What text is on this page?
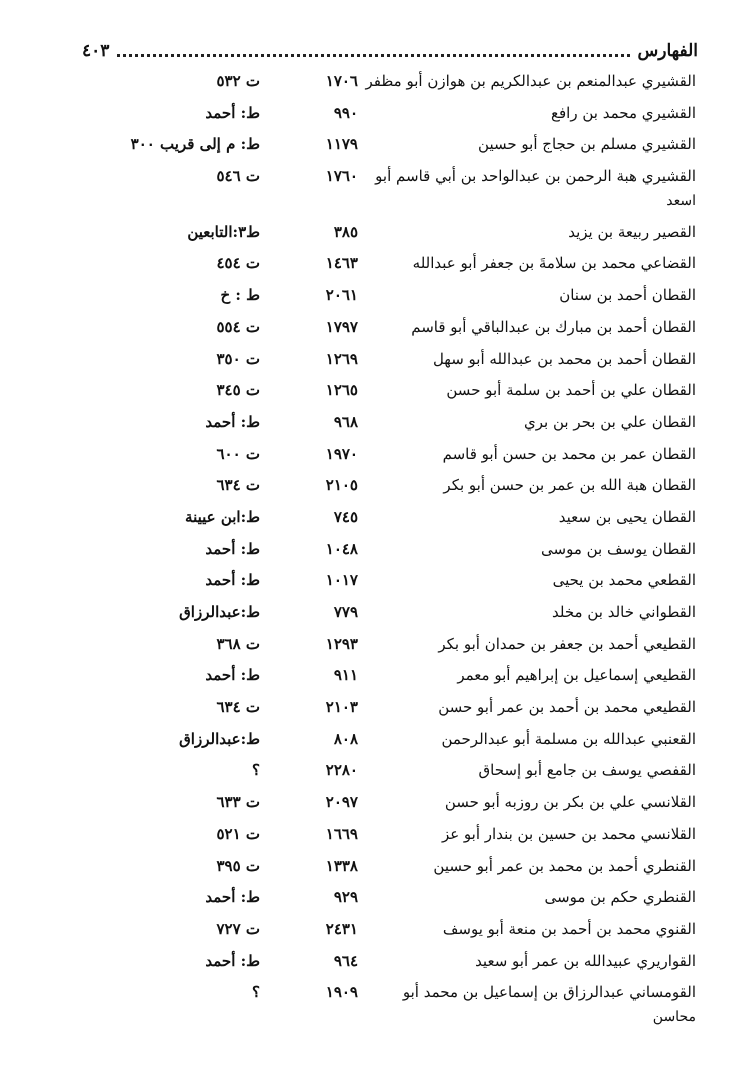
الفهارس
٤٠٣
القشيري عبدالمنعم بن عبدالكريم بن هوازن أبو مظفر
١٧٠٦
ت ٥٣٢
القشيري محمد بن رافع
٩٩٠
ط: أحمد
القشيري مسلم بن حجاج أبو حسين
١١٧٩
ط: م إلى قريب ٣٠٠
القشيري هبة الرحمن بن عبدالواحد بن أبي قاسم أبو
١٧٦٠
ت ٥٤٦
اسعد
القصير ربيعة بن يزيد
٣٨٥
ط٣:التابعين
القضاعي محمد بن سلامةَ بن جعفر أبو عبدالله
١٤٦٣
ت ٤٥٤
القطان أحمد بن سنان
٢٠٦١
ط : خ
القطان أحمد بن مبارك بن عبدالباقي أبو قاسم
١٧٩٧
ت ٥٥٤
القطان أحمد بن محمد بن عبدالله أبو سهل
١٢٦٩
ت ٣٥٠
القطان علي بن أحمد بن سلمة أبو حسن
١٢٦٥
ت ٣٤٥
القطان علي بن بحر بن بري
٩٦٨
ط: أحمد
القطان عمر بن محمد بن حسن أبو قاسم
١٩٧٠
ت ٦٠٠
القطان هبة الله بن عمر بن حسن أبو بكر
٢١٠٥
ت ٦٣٤
القطان يحيى بن سعيد
٧٤٥
ط:ابن عيينة
القطان يوسف بن موسى
١٠٤٨
ط: أحمد
القطعي محمد بن يحيى
١٠١٧
ط: أحمد
القطواني خالد بن مخلد
٧٧٩
ط:عبدالرزاق
القطيعي أحمد بن جعفر بن حمدان أبو بكر
١٢٩٣
ت ٣٦٨
القطيعي إسماعيل بن إبراهيم أبو معمر
٩١١
ط: أحمد
القطيعي محمد بن أحمد بن عمر أبو حسن
٢١٠٣
ت ٦٣٤
القعنبي عبدالله بن مسلمة أبو عبدالرحمن
٨٠٨
ط:عبدالرزاق
القفصي يوسف بن جامع أبو إسحاق
٢٢٨٠
؟
القلانسي علي بن بكر بن روزبه أبو حسن
٢٠٩٧
ت ٦٣٣
القلانسي محمد بن حسين بن بندار أبو عز
١٦٦٩
ت ٥٢١
القنطري أحمد بن محمد بن عمر أبو حسين
١٣٣٨
ت ٣٩٥
القنطري حكم بن موسى
٩٢٩
ط: أحمد
القنوي محمد بن أحمد بن منعة أبو يوسف
٢٤٣١
ت ٧٢٧
القواريري عبيدالله بن عمر أبو سعيد
٩٦٤
ط: أحمد
القومساني عبدالرزاق بن إسماعيل بن محمد أبو
١٩٠٩
؟
محاسن
